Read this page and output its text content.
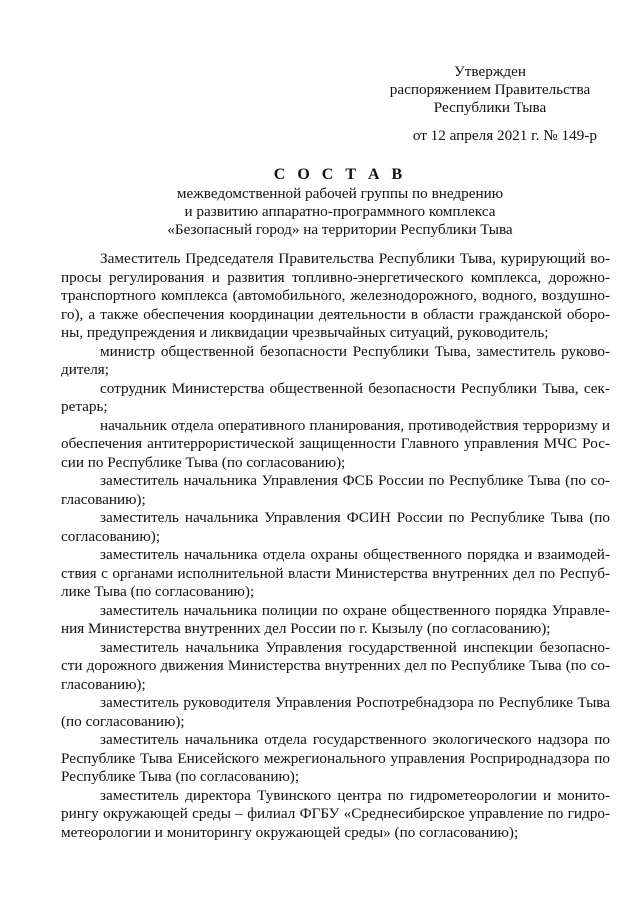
Утвержден
распоряжением Правительства
Республики Тыва
от 12 апреля 2021 г. № 149-р
С О С Т А В
межведомственной рабочей группы по внедрению
и развитию аппаратно-программного комплекса
«Безопасный город» на территории Республики Тыва

Заместитель Председателя Правительства Республики Тыва, курирующий вопросы регулирования и развития топливно-энергетического комплекса, дорожно-транспортного комплекса (автомобильного, железнодорожного, водного, воздушного), а также обеспечения координации деятельности в области гражданской обороны, предупреждения и ликвидации чрезвычайных ситуаций, руководитель;

министр общественной безопасности Республики Тыва, заместитель руководителя;

сотрудник Министерства общественной безопасности Республики Тыва, секретарь;

начальник отдела оперативного планирования, противодействия терроризму и обеспечения антитеррористической защищенности Главного управления МЧС России по Республике Тыва (по согласованию);

заместитель начальника Управления ФСБ России по Республике Тыва (по согласованию);

заместитель начальника Управления ФСИН России по Республике Тыва (по согласованию);

заместитель начальника отдела охраны общественного порядка и взаимодействия с органами исполнительной власти Министерства внутренних дел по Республике Тыва (по согласованию);

заместитель начальника полиции по охране общественного порядка Управления Министерства внутренних дел России по г. Кызылу (по согласованию);

заместитель начальника Управления государственной инспекции безопасности дорожного движения Министерства внутренних дел по Республике Тыва (по согласованию);

заместитель руководителя Управления Роспотребнадзора по Республике Тыва (по согласованию);

заместитель начальника отдела государственного экологического надзора по Республике Тыва Енисейского межрегионального управления Росприроднадзора по Республике Тыва (по согласованию);

заместитель директора Тувинского центра по гидрометеорологии и мониторингу окружающей среды – филиал ФГБУ «Среднесибирское управление по гидрометеорологии и мониторингу окружающей среды» (по согласованию);
